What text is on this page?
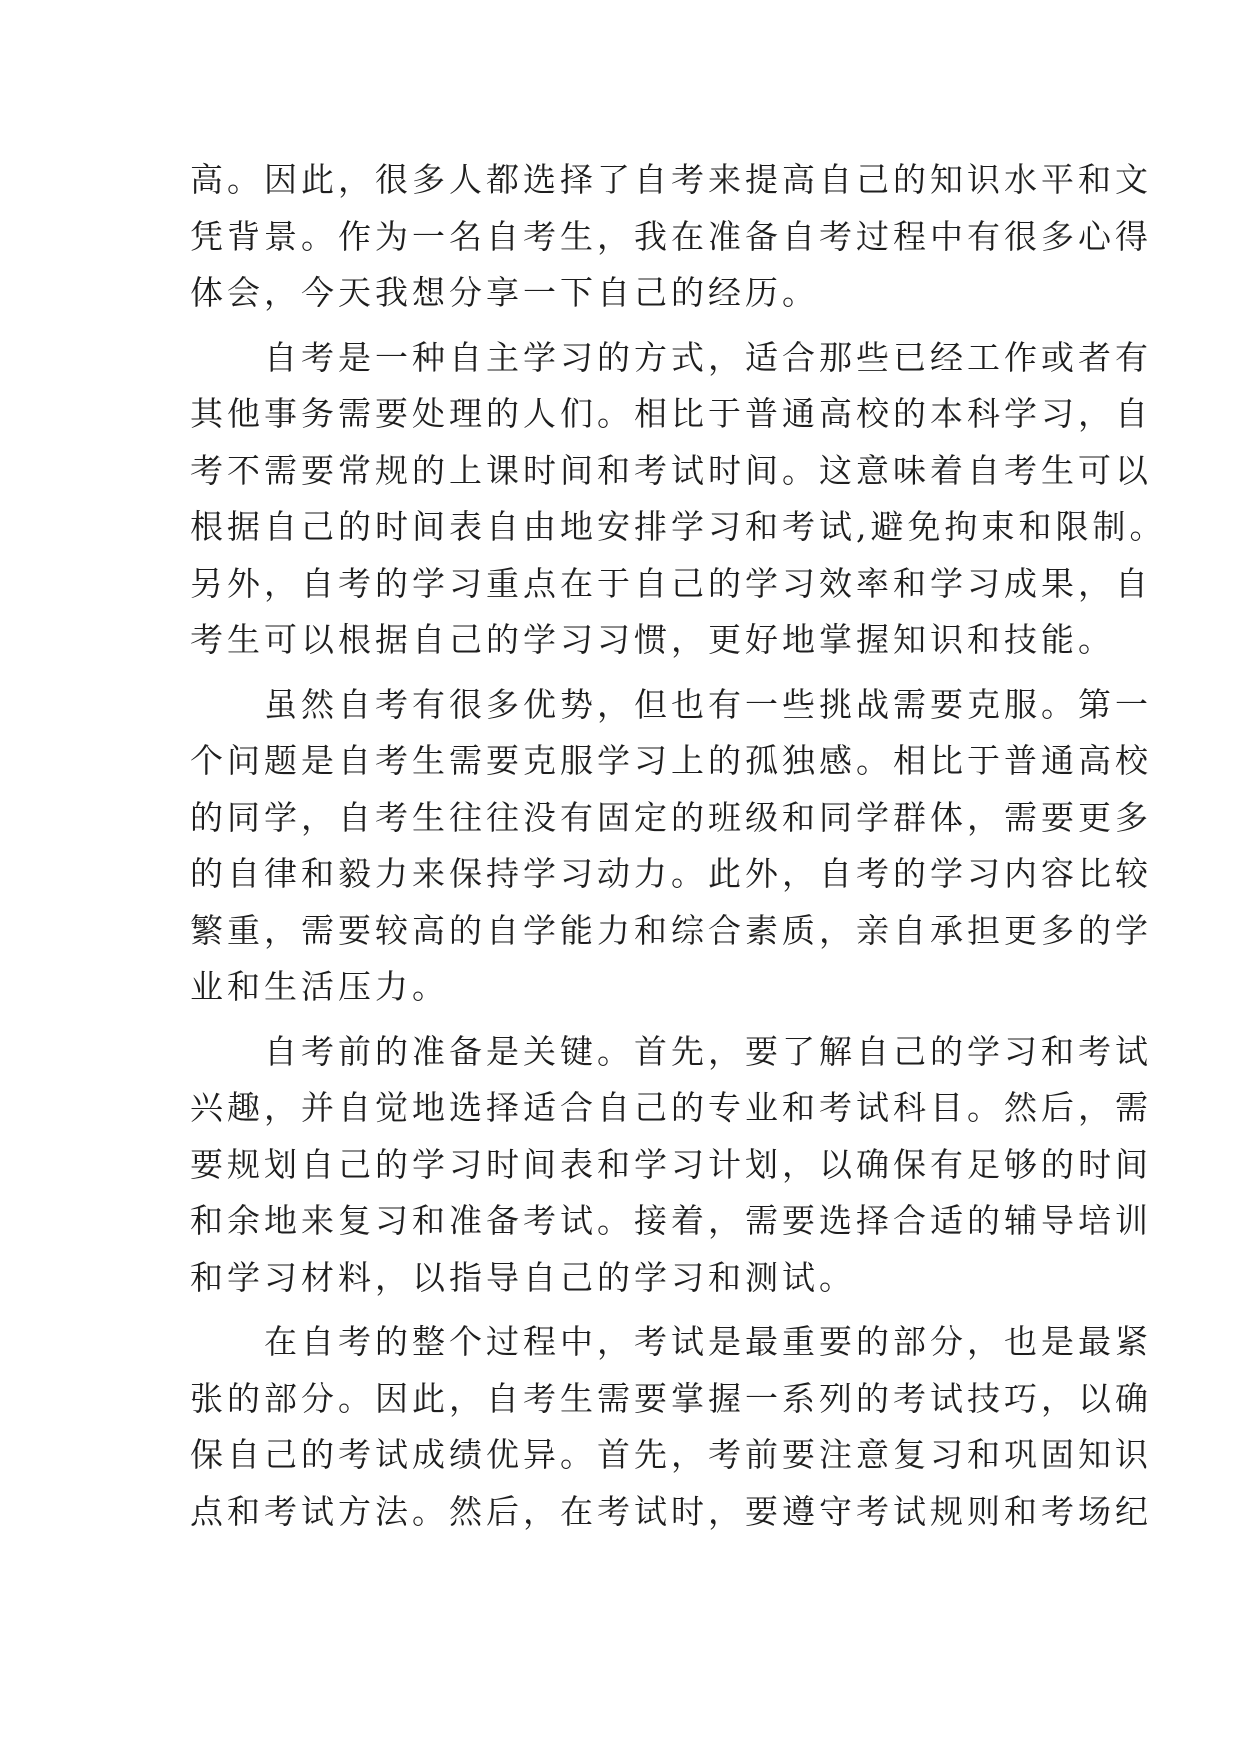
高。因此，很多人都选择了自考来提高自己的知识水平和文
凭背景。作为一名自考生，我在准备自考过程中有很多心得
体会，今天我想分享一下自己的经历。
　　自考是一种自主学习的方式，适合那些已经工作或者有
其他事务需要处理的人们。相比于普通高校的本科学习，自
考不需要常规的上课时间和考试时间。这意味着自考生可以
根据自己的时间表自由地安排学习和考试,避免拘束和限制。
另外，自考的学习重点在于自己的学习效率和学习成果，自
考生可以根据自己的学习习惯，更好地掌握知识和技能。
　　虽然自考有很多优势，但也有一些挑战需要克服。第一
个问题是自考生需要克服学习上的孤独感。相比于普通高校
的同学，自考生往往没有固定的班级和同学群体，需要更多
的自律和毅力来保持学习动力。此外，自考的学习内容比较
繁重，需要较高的自学能力和综合素质，亲自承担更多的学
业和生活压力。
　　自考前的准备是关键。首先，要了解自己的学习和考试
兴趣，并自觉地选择适合自己的专业和考试科目。然后，需
要规划自己的学习时间表和学习计划，以确保有足够的时间
和余地来复习和准备考试。接着，需要选择合适的辅导培训
和学习材料，以指导自己的学习和测试。
　　在自考的整个过程中，考试是最重要的部分，也是最紧
张的部分。因此，自考生需要掌握一系列的考试技巧，以确
保自己的考试成绩优异。首先，考前要注意复习和巩固知识
点和考试方法。然后，在考试时，要遵守考试规则和考场纪
